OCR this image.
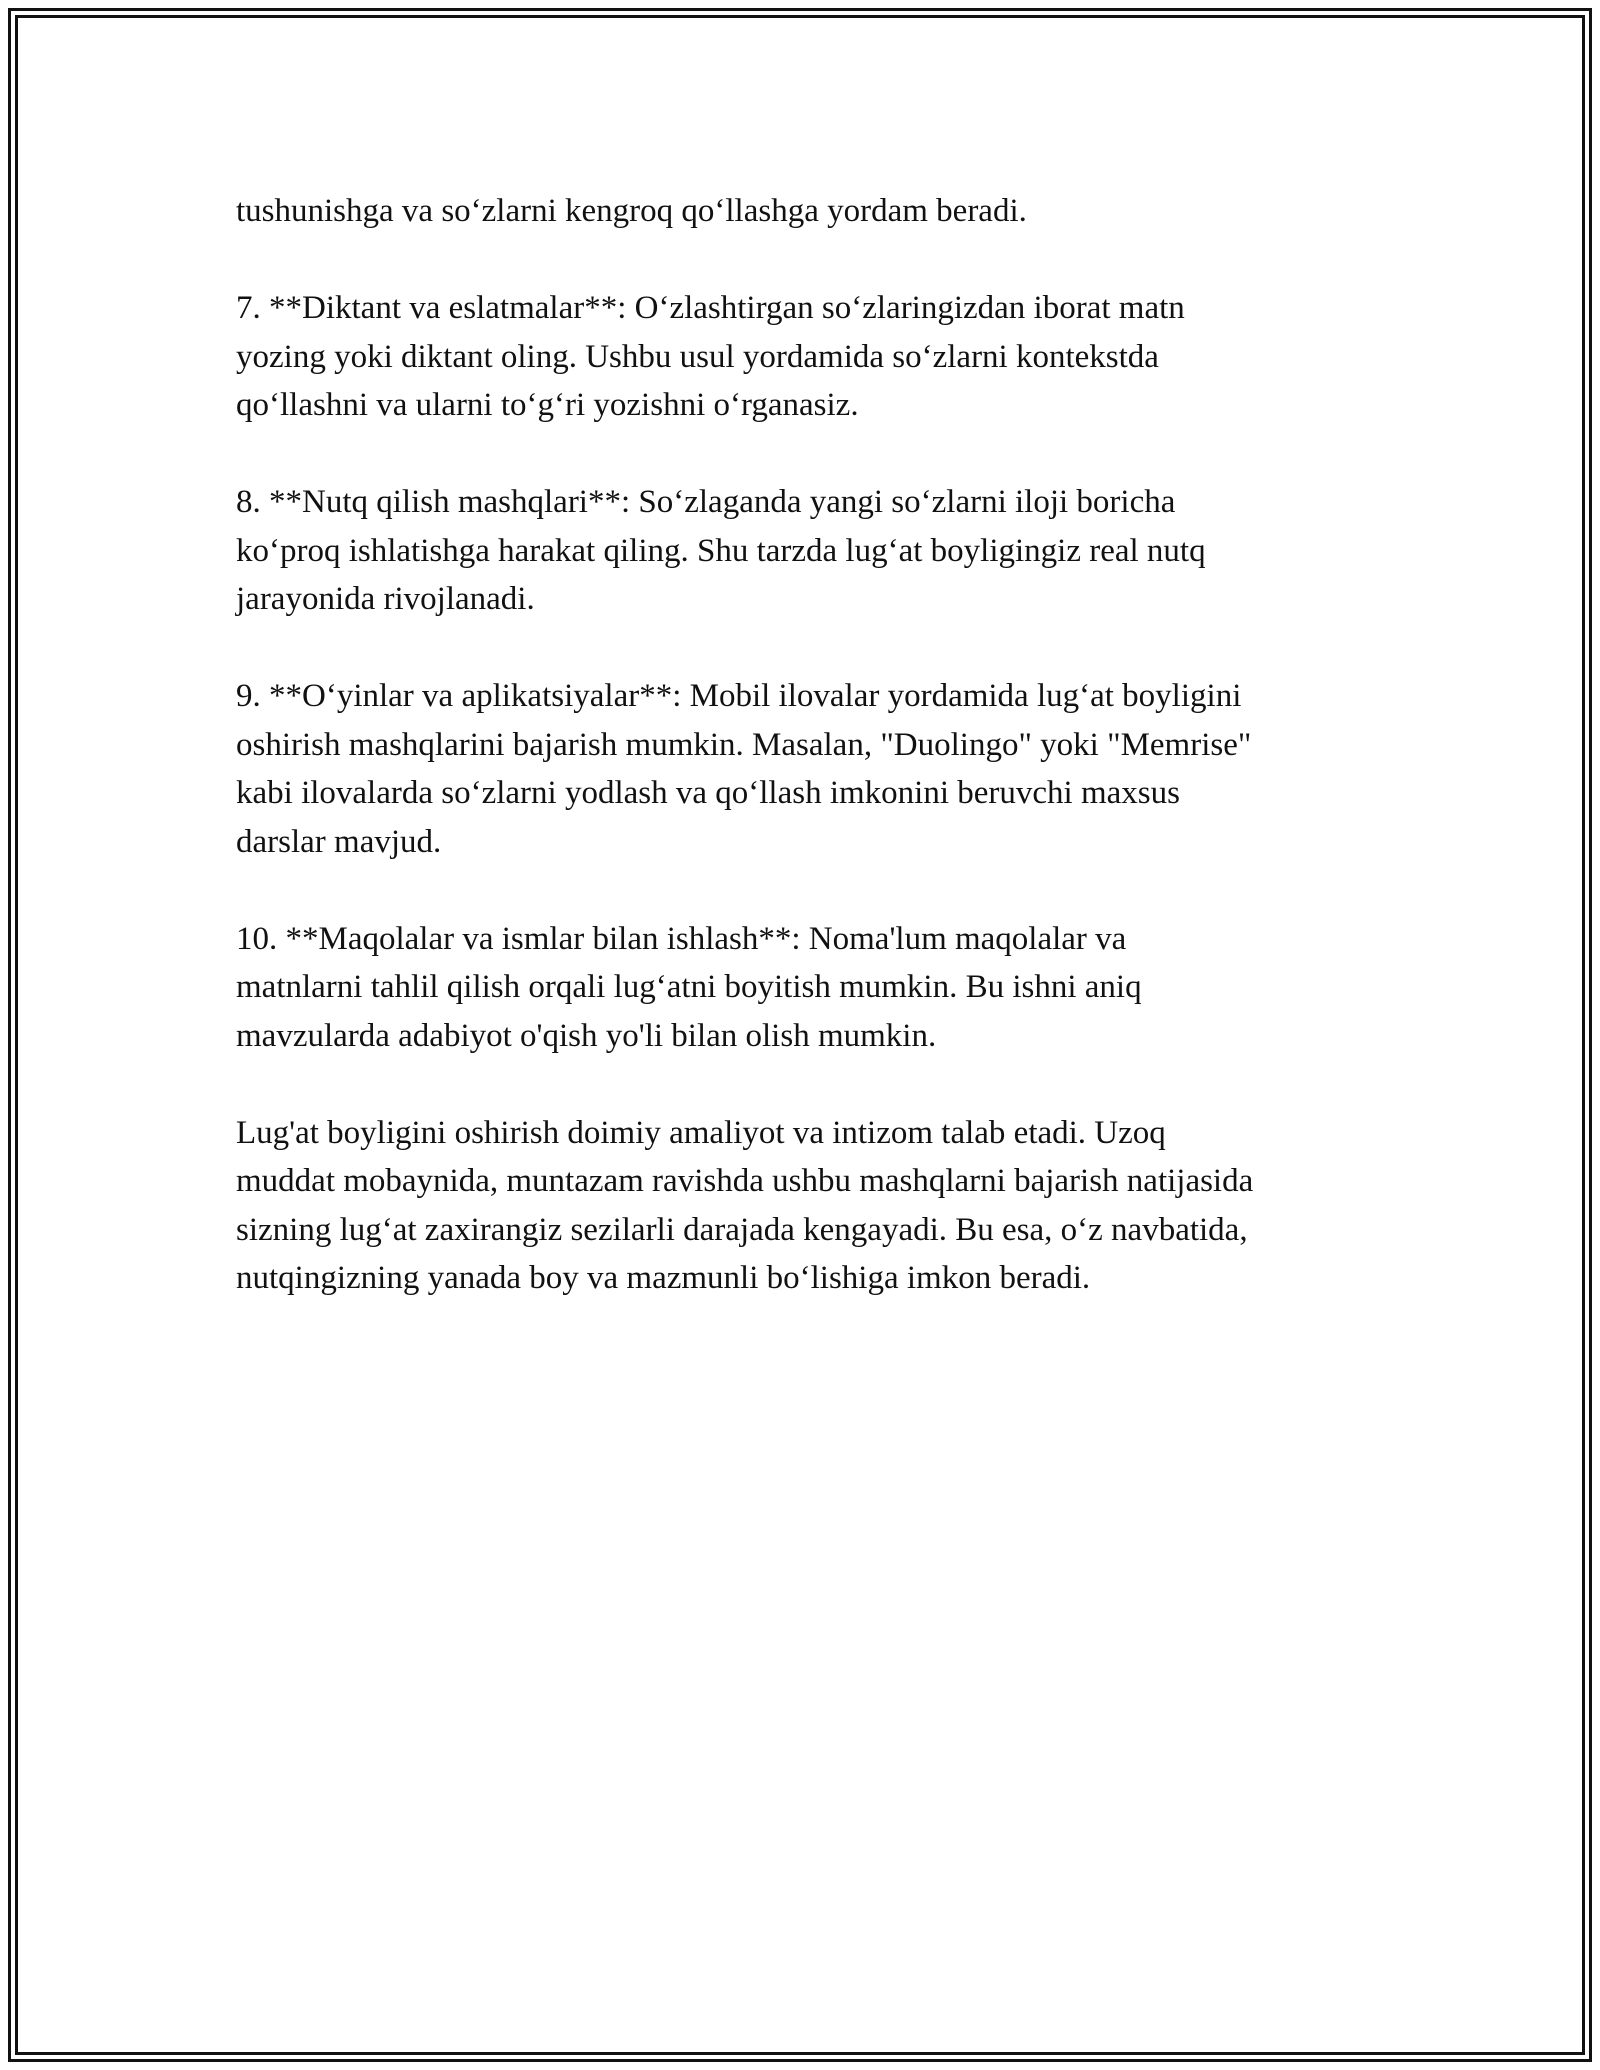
tushunishga va so‘zlarni kengroq qo‘llashga yordam beradi.

7. **Diktant va eslatmalar**: O‘zlashtirgan so‘zlaringizdan iborat matn
yozing yoki diktant oling. Ushbu usul yordamida so‘zlarni kontekstda
qo‘llashni va ularni to‘g‘ri yozishni o‘rganasiz.

8. **Nutq qilish mashqlari**: So‘zlaganda yangi so‘zlarni iloji boricha
ko‘proq ishlatishga harakat qiling. Shu tarzda lug‘at boyligingiz real nutq
jarayonida rivojlanadi.

9. **O‘yinlar va aplikatsiyalar**: Mobil ilovalar yordamida lug‘at boyligini
oshirish mashqlarini bajarish mumkin. Masalan, "Duolingo" yoki "Memrise"
kabi ilovalarda so‘zlarni yodlash va qo‘llash imkonini beruvchi maxsus
darslar mavjud.

10. **Maqolalar va ismlar bilan ishlash**: Noma'lum maqolalar va
matnlarni tahlil qilish orqali lug‘atni boyitish mumkin. Bu ishni aniq
mavzularda adabiyot o'qish yo'li bilan olish mumkin.

Lug'at boyligini oshirish doimiy amaliyot va intizom talab etadi. Uzoq
muddat mobaynida, muntazam ravishda ushbu mashqlarni bajarish natijasida
sizning lug‘at zaxirangiz sezilarli darajada kengayadi. Bu esa, o‘z navbatida,
nutqingizning yanada boy va mazmunli bo‘lishiga imkon beradi.
